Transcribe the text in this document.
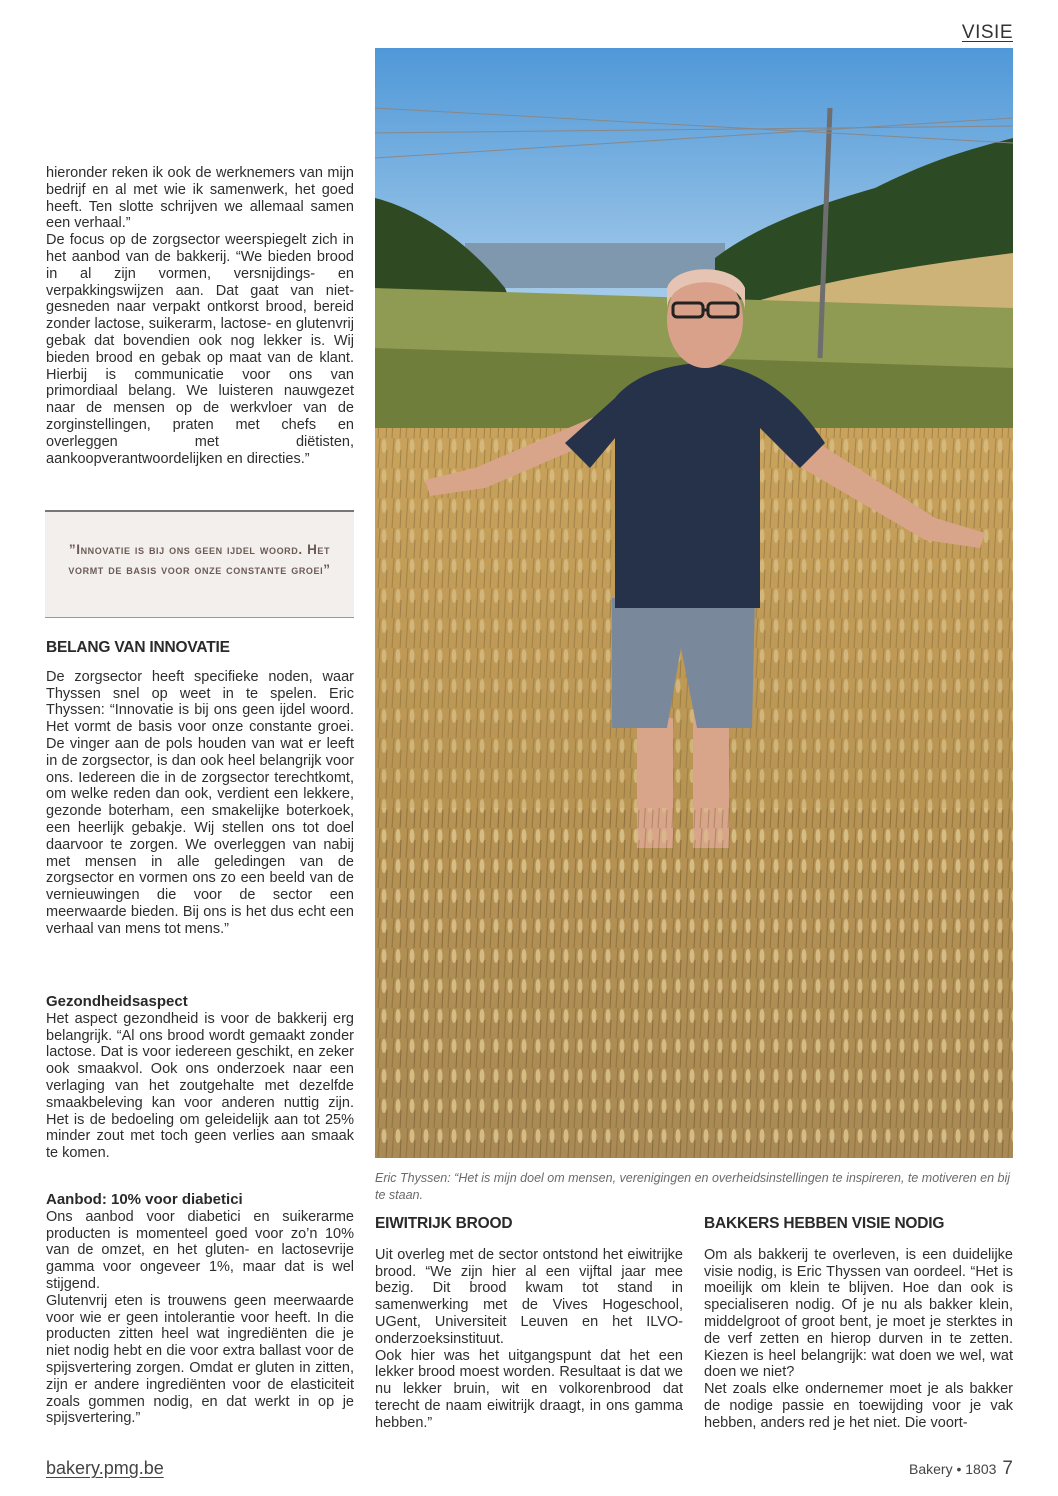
VISIE
Eric Thyssen: “Het is mijn doel om mensen, verenigingen en overheidsinstellingen te inspireren, te motiveren en bij te staan.

hieronder reken ik ook de werknemers van mijn bedrijf en al met wie ik samenwerk, het goed heeft. Ten slotte schrijven we allemaal samen een verhaal.”

De focus op de zorgsector weerspiegelt zich in het aanbod van de bakkerij. “We bieden brood in al zijn vormen, versnijdings- en verpakkingswijzen aan. Dat gaat van niet-gesneden naar verpakt ontkorst brood, bereid zonder lactose, suikerarm, lactose- en glutenvrij gebak dat bovendien ook nog lekker is. Wij bieden brood en gebak op maat van de klant. Hierbij is communicatie voor ons van primordiaal belang. We luisteren nauwgezet naar de mensen op de werkvloer van de zorginstellingen, praten met chefs en overleggen met diëtisten, aankoopverantwoordelijken en directies.”

”Innovatie is bij ons geen ijdel woord. Het vormt de basis voor onze constante groei”
BELANG VAN INNOVATIE

De zorgsector heeft specifieke noden, waar Thyssen snel op weet in te spelen. Eric Thyssen: “Innovatie is bij ons geen ijdel woord. Het vormt de basis voor onze constante groei. De vinger aan de pols houden van wat er leeft in de zorgsector, is dan ook heel belangrijk voor ons. Iedereen die in de zorgsector terechtkomt, om welke reden dan ook, verdient een lekkere, gezonde boterham, een smakelijke boterkoek, een heerlijk gebakje. Wij stellen ons tot doel daarvoor te zorgen. We overleggen van nabij met mensen in alle geledingen van de zorgsector en vormen ons zo een beeld van de vernieuwingen die voor de sector een meerwaarde bieden. Bij ons is het dus echt een verhaal van mens tot mens.”

Gezondheidsaspect

Het aspect gezondheid is voor de bakkerij erg belangrijk. “Al ons brood wordt gemaakt zonder lactose. Dat is voor iedereen geschikt, en zeker ook smaakvol. Ook ons onderzoek naar een verlaging van het zoutgehalte met dezelfde smaakbeleving kan voor anderen nuttig zijn. Het is de bedoeling om geleidelijk aan tot 25% minder zout met toch geen verlies aan smaak te komen.

Aanbod: 10% voor diabetici

Ons aanbod voor diabetici en suikerarme producten is momenteel goed voor zo’n 10% van de omzet, en het gluten- en lactosevrije gamma voor ongeveer 1%, maar dat is wel stijgend.

Glutenvrij eten is trouwens geen meerwaarde voor wie er geen intolerantie voor heeft. In die producten zitten heel wat ingrediënten die je niet nodig hebt en die voor extra ballast voor de spijsvertering zorgen. Omdat er gluten in zitten, zijn er andere ingrediënten voor de elasticiteit zoals gommen nodig, en dat werkt in op je spijsvertering.”

EIWITRIJK BROOD

Uit overleg met de sector ontstond het eiwitrijke brood. “We zijn hier al een vijftal jaar mee bezig. Dit brood kwam tot stand in samenwerking met de Vives Hogeschool, UGent, Universiteit Leuven en het ILVO-onderzoeksinstituut.

Ook hier was het uitgangspunt dat het een lekker brood moest worden. Resultaat is dat we nu lekker bruin, wit en volkorenbrood dat terecht de naam eiwitrijk draagt, in ons gamma hebben.”

BAKKERS HEBBEN VISIE NODIG

Om als bakkerij te overleven, is een duidelijke visie nodig, is Eric Thyssen van oordeel. “Het is moeilijk om klein te blijven. Hoe dan ook is specialiseren nodig. Of je nu als bakker klein, middelgroot of groot bent, je moet je sterktes in de verf zetten en hierop durven in te zetten. Kiezen is heel belangrijk: wat doen we wel, wat doen we niet?

Net zoals elke ondernemer moet je als bakker de nodige passie en toewijding voor je vak hebben, anders red je het niet. Die voort-

bakery.pmg.be	Bakery • 1803 7
